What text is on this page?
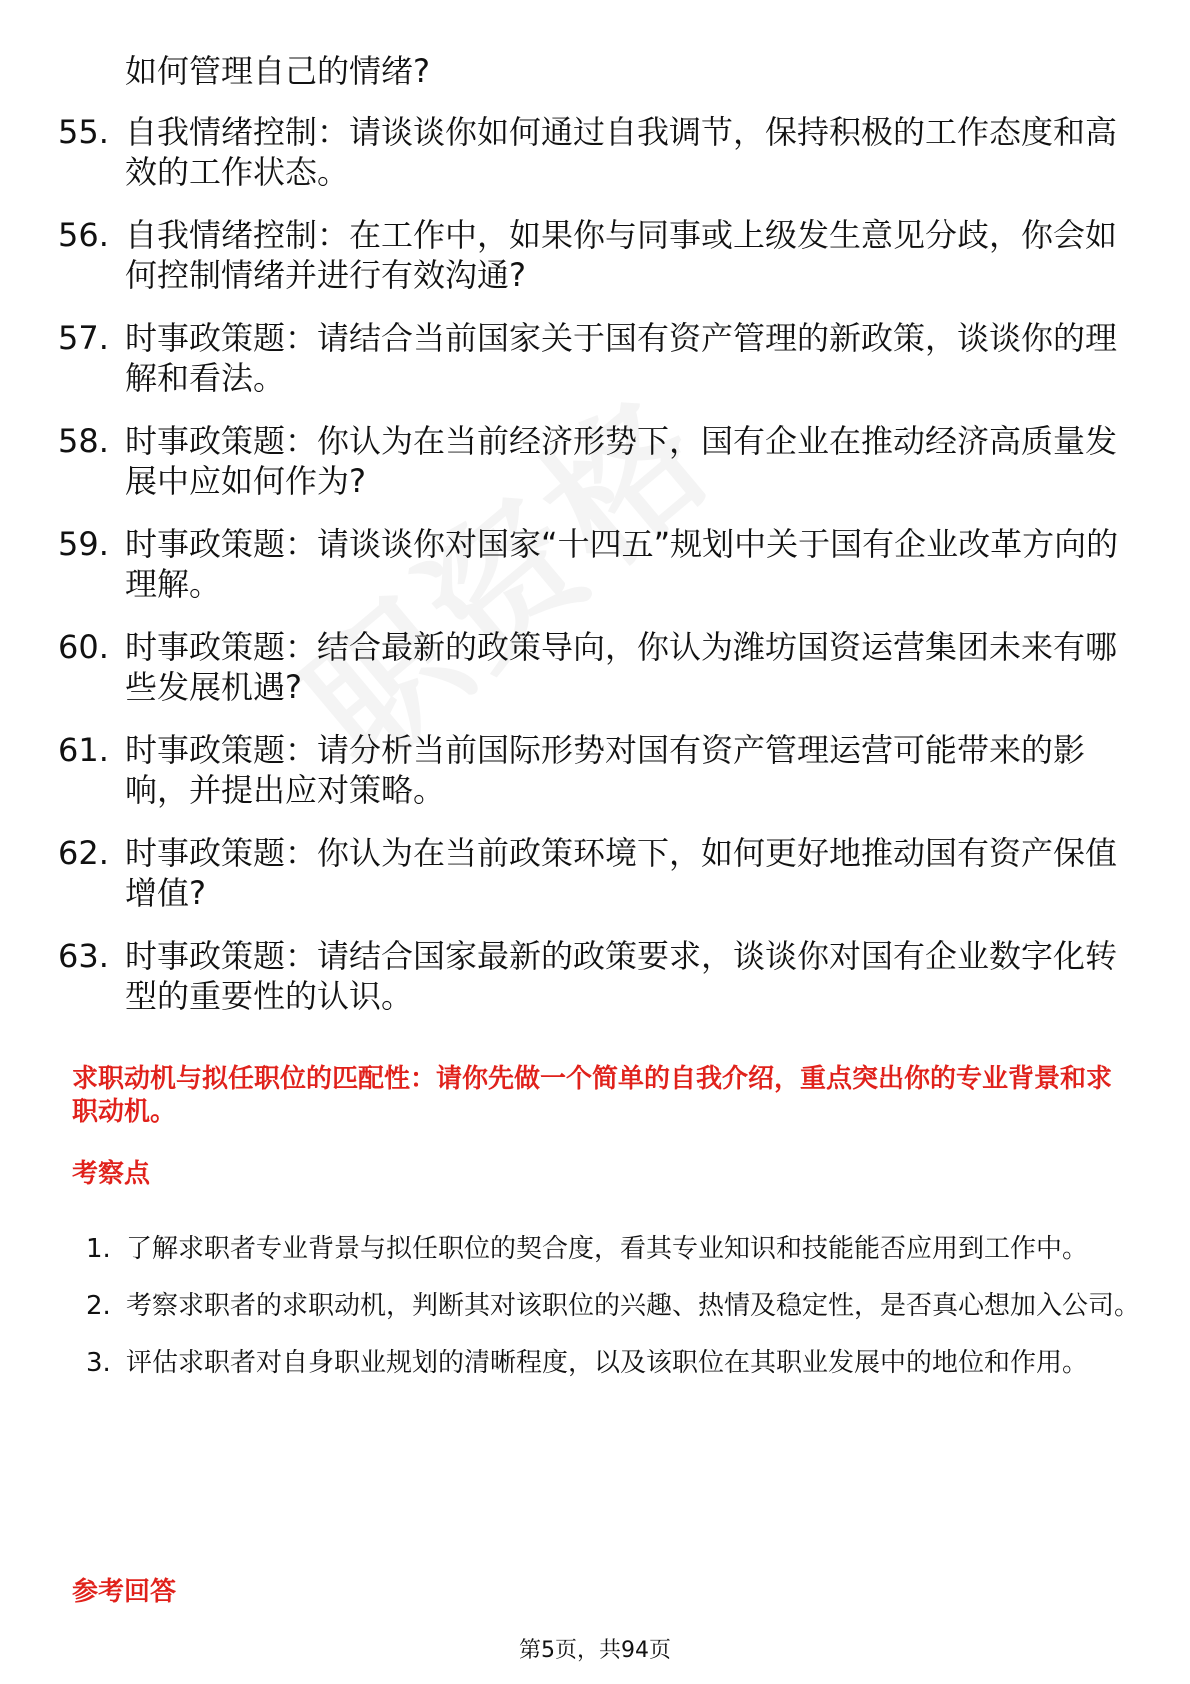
如何管理自己的情绪?

55. 自我情绪控制：请谈谈你如何通过自我调节，保持积极的工作态度和高效的工作状态。
56. 自我情绪控制：在工作中，如果你与同事或上级发生意见分歧，你会如何控制情绪并进行有效沟通?
57. 时事政策题：请结合当前国家关于国有资产管理的新政策，谈谈你的理解和看法。
58. 时事政策题：你认为在当前经济形势下，国有企业在推动经济高质量发展中应如何作为?
59. 时事政策题：请谈谈你对国家“十四五”规划中关于国有企业改革方向的理解。
60. 时事政策题：结合最新的政策导向，你认为潍坊国资运营集团未来有哪些发展机遇?
61. 时事政策题：请分析当前国际形势对国有资产管理运营可能带来的影响，并提出应对策略。
62. 时事政策题：你认为在当前政策环境下，如何更好地推动国有资产保值增值?
63. 时事政策题：请结合国家最新的政策要求，谈谈你对国有企业数字化转型的重要性的认识。
求职动机与拟任职位的匹配性：请你先做一个简单的自我介绍，重点突出你的专业背景和求职动机。
考察点
1. 了解求职者专业背景与拟任职位的契合度，看其专业知识和技能能否应用到工作中。
2. 考察求职者的求职动机，判断其对该职位的兴趣、热情及稳定性，是否真心想加入公司。
3. 评估求职者对自身职业规划的清晰程度，以及该职位在其职业发展中的地位和作用。
参考回答

第5页，共94页
